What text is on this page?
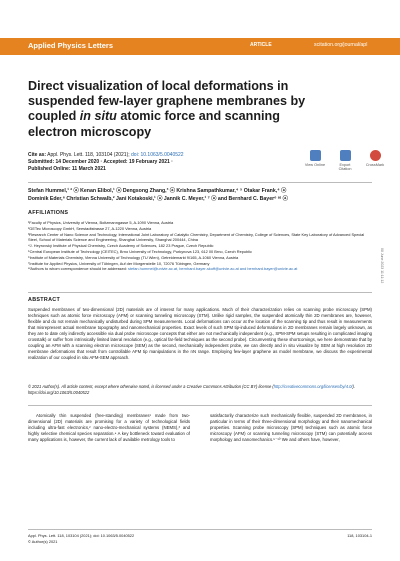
Applied Physics Letters	ARTICLE	scitation.org/journal/apl
Direct visualization of local deformations in suspended few-layer graphene membranes by coupled in situ atomic force and scanning electron microscopy
Cite as: Appl. Phys. Lett. 118, 103104 (2021); doi: 10.1063/5.0040522
Submitted: 14 December 2020 · Accepted: 19 February 2021 ·
Published Online: 11 March 2021
View Online	Export Citation
CrossMark
Stefan Hummel,¹ ² ⓐ Kenan Elibol,¹ ⓐ Dengsong Zhang,³ ⓐ Krishna Sampathkumar,⁴ ⁵ Otakar Frank,⁴ ⓐ
Dominik Eder,⁶ Christian Schwalb,² Jani Kotakoski,¹ ⓐ Jannik C. Meyer,¹ ⁷ ⓐ and Bernhard C. Bayer⁶ ᵃ⁾ ⓐ
AFFILIATIONS
¹Faculty of Physics, University of Vienna, Boltzmanngasse 5, A-1090 Vienna, Austria
²GETec Microscopy GmbH, Seestadtstrasse 27, A-1220 Vienna, Austria
³Research Center of Nano Science and Technology, International Joint Laboratory of Catalytic Chemistry, Department of Chemistry, College of Sciences, State Key Laboratory of Advanced Special Steel, School of Materials Science and Engineering, Shanghai University, Shanghai 200444, China
⁴J. Heyrovský Institute of Physical Chemistry, Czech Academy of Sciences, 182 23 Prague, Czech Republic
⁵Central European Institute of Technology (CEITEC), Brno University of Technology, Purkynova 123, 612 00 Brno, Czech Republic
⁶Institute of Materials Chemistry, Vienna University of Technology (TU Wien), Getreidemarkt 9/165, A-1060 Vienna, Austria
⁷Institute for Applied Physics, University of Tübingen, Auf der Morgenstelle 10, 72076 Tübingen, Germany
ᵃ⁾Authors to whom correspondence should be addressed: stefan.hummel@univie.ac.at, bernhard.bayer-skoff@univie.ac.at and bernhard.bayer@univie.ac.at
ABSTRACT
Suspended membranes of two-dimensional (2D) materials are of interest for many applications. Much of their characterization relies on scanning probe microscopy (SPM) techniques such as atomic force microscopy (AFM) or scanning tunneling microscopy (STM). Unlike rigid samples, the suspended atomically thin 2D membranes are, however, flexible and do not remain mechanically undisturbed during SPM measurements. Local deformations can occur at the location of the scanning tip and thus result in measurements that misrepresent actual membrane topography and nanomechanical properties. Exact levels of such SPM tip-induced deformations in 2D membranes remain largely unknown, as they are to date only indirectly accessible via dual probe microscope concepts that either are not mechanically independent (e.g., SPM-SPM setups resulting in complicated imaging crosstalk) or suffer from intrinsically limited lateral resolution (e.g., optical far-field techniques as the second probe). Circumventing these shortcomings, we here demonstrate that by coupling an AFM with a scanning electron microscope (SEM) as the second, mechanically independent probe, we can directly and in situ visualize by SEM at high resolution 2D membrane deformations that result from controllable AFM tip manipulations in the nN range. Employing few-layer graphene as model membrane, we discuss the experimental realization of our coupled in situ AFM-SEM approach.
© 2021 Author(s). All article content, except where otherwise noted, is licensed under a Creative Commons Attribution (CC BY) license (http://creativecommons.org/licenses/by/4.0/). https://doi.org/10.1063/5.0040522

Atomically thin suspended (free-standing) membranes¹ made from two-dimensional (2D) materials are promising for a variety of technological fields including ultra-fast electronics,² nano-electro-mechanical systems (NEMS),³ and highly selective chemical species separation.⁴ A key bottleneck toward evaluation of many applications is, however, the current lack of available metrology tools to

satisfactorily characterize such mechanically flexible, suspended 2D membranes, in particular in terms of their three-dimensional morphology and their nanomechanical properties. Scanning probe microscopy (SPM) techniques such as atomic force microscopy (AFM) or scanning tunneling microscopy (STM) can potentially access morphology and nanomechanics.⁵⁻¹⁰ We and others have, however,

Appl. Phys. Lett. 118, 103104 (2021); doi: 10.1063/5.0040522	118, 103104-1
© Author(s) 2021
08 June 2023 11:11:12
